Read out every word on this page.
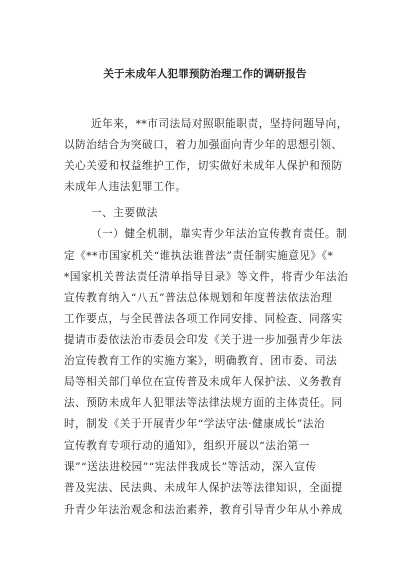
关于未成年人犯罪预防治理工作的调研报告
近年来，**市司法局对照职能职责，坚持问题导向，
以防治结合为突破口，着力加强面向青少年的思想引领、
关心关爱和权益维护工作，切实做好未成年人保护和预防
未成年人违法犯罪工作。
一、主要做法
（一）健全机制，靠实青少年法治宣传教育责任。制
定《**市国家机关“谁执法谁普法”责任制实施意见》《*
*国家机关普法责任清单指导目录》等文件，将青少年法治
宣传教育纳入“八五”普法总体规划和年度普法依法治理
工作要点，与全民普法各项工作同安排、同检查、同落实
提请市委依法治市委员会印发《关于进一步加强青少年法
治宣传教育工作的实施方案》，明确教育、团市委、司法
局等相关部门单位在宣传普及未成年人保护法、义务教育
法、预防未成年人犯罪法等法律法规方面的主体责任。同
时，制发《关于开展青少年“学法守法·健康成长”法治
宣传教育专项行动的通知》，组织开展以“法治第一
课”“送法进校园”“宪法伴我成长”等活动，深入宣传
普及宪法、民法典、未成年人保护法等法律知识，全面提
升青少年法治观念和法治素养，教育引导青少年从小养成
